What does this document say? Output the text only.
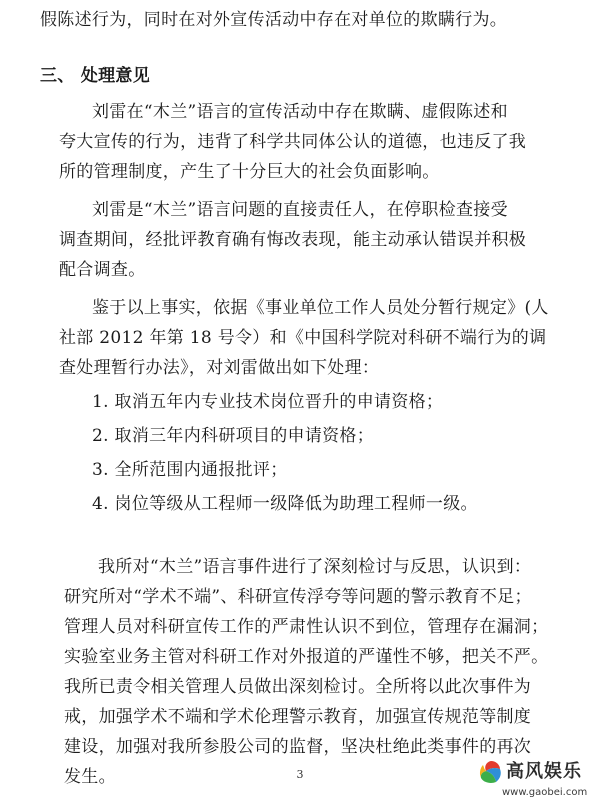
假陈述行为，同时在对外宣传活动中存在对单位的欺瞒行为。
三、 处理意见
刘雷在“木兰”语言的宣传活动中存在欺瞒、虚假陈述和
夸大宣传的行为，违背了科学共同体公认的道德，也违反了我
所的管理制度，产生了十分巨大的社会负面影响。
刘雷是“木兰”语言问题的直接责任人，在停职检查接受
调查期间，经批评教育确有悔改表现，能主动承认错误并积极
配合调查。
鉴于以上事实，依据《事业单位工作人员处分暂行规定》(人
社部 2012 年第 18 号令）和《中国科学院对科研不端行为的调
查处理暂行办法》，对刘雷做出如下处理：
1. 取消五年内专业技术岗位晋升的申请资格；
2. 取消三年内科研项目的申请资格；
3. 全所范围内通报批评；
4. 岗位等级从工程师一级降低为助理工程师一级。
我所对“木兰”语言事件进行了深刻检讨与反思，认识到：
研究所对“学术不端”、科研宣传浮夸等问题的警示教育不足；
管理人员对科研宣传工作的严肃性认识不到位，管理存在漏洞；
实验室业务主管对科研工作对外报道的严谨性不够，把关不严。
我所已责令相关管理人员做出深刻检讨。全所将以此次事件为
戒，加强学术不端和学术伦理警示教育，加强宣传规范等制度
建设，加强对我所参股公司的监督，坚决杜绝此类事件的再次
发生。	3	高风娱乐
www.gaobei.com
